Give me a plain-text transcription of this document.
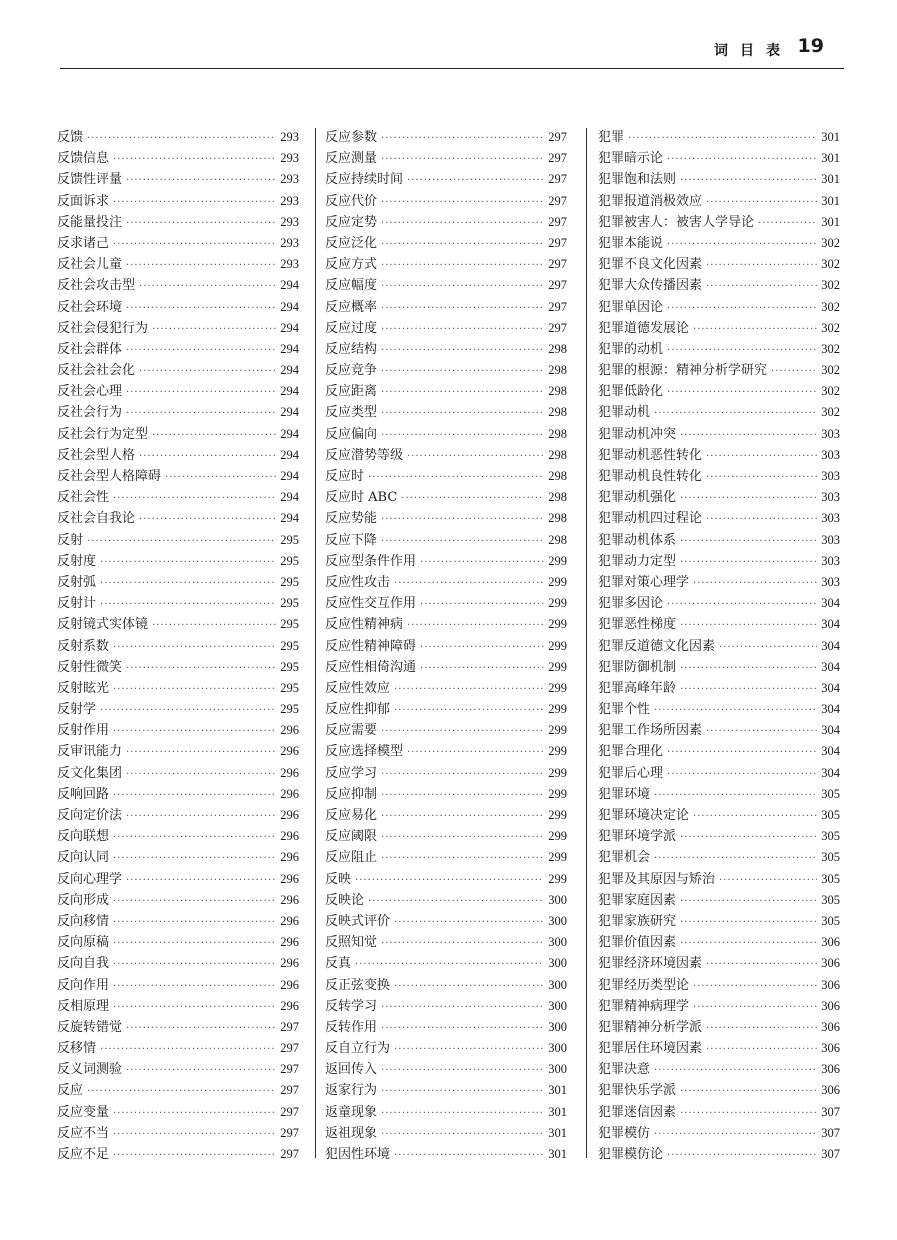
词目表 19
反馈 ·····	293
反馈信息 ·····	293
反馈性评量 ·····	293
反面诉求 ·····	293
反能量投注 ·····	293
反求诸己 ·····	293
反社会儿童 ·····	293
反社会攻击型 ·····	294
反社会环境 ·····	294
反社会侵犯行为 ·····	294
反社会群体 ·····	294
反社会社会化 ·····	294
反社会心理 ·····	294
反社会行为 ·····	294
反社会行为定型 ·····	294
反社会型人格 ·····	294
反社会型人格障碍 ·····	294
反社会性 ·····	294
反社会自我论 ·····	294
反射 ·····	295
反射度 ·····	295
反射弧 ·····	295
反射计 ·····	295
反射镜式实体镜 ·····	295
反射系数 ·····	295
反射性微笑 ·····	295
反射眩光 ·····	295
反射学 ·····	295
反射作用 ·····	296
反审讯能力 ·····	296
反文化集团 ·····	296
反响回路 ·····	296
反向定价法 ·····	296
反向联想 ·····	296
反向认同 ·····	296
反向心理学 ·····	296
反向形成 ·····	296
反向移情 ·····	296
反向原稿 ·····	296
反向自我 ·····	296
反向作用 ·····	296
反相原理 ·····	296
反旋转错觉 ·····	297
反移情 ·····	297
反义词测验 ·····	297
反应 ·····	297
反应变量 ·····	297
反应不当 ·····	297
反应不足 ·····	297
反应参数 ·····	297
反应测量 ·····	297
反应持续时间 ·····	297
反应代价 ·····	297
反应定势 ·····	297
反应泛化 ·····	297
反应方式 ·····	297
反应幅度 ·····	297
反应概率 ·····	297
反应过度 ·····	297
反应结构 ·····	298
反应竞争 ·····	298
反应距离 ·····	298
反应类型 ·····	298
反应偏向 ·····	298
反应潜势等级 ·····	298
反应时 ·····	298
反应时 ABC ·····	298
反应势能 ·····	298
反应下降 ·····	298
反应型条件作用 ·····	299
反应性攻击 ·····	299
反应性交互作用 ·····	299
反应性精神病 ·····	299
反应性精神障碍 ·····	299
反应性相倚沟通 ·····	299
反应性效应 ·····	299
反应性抑郁 ·····	299
反应需要 ·····	299
反应选择模型 ·····	299
反应学习 ·····	299
反应抑制 ·····	299
反应易化 ·····	299
反应阈限 ·····	299
反应阻止 ·····	299
反映 ·····	299
反映论 ·····	300
反映式评价 ·····	300
反照知觉 ·····	300
反真 ·····	300
反正弦变换 ·····	300
反转学习 ·····	300
反转作用 ·····	300
反自立行为 ·····	300
返回传入 ·····	300
返家行为 ·····	301
返童现象 ·····	301
返祖现象 ·····	301
犯因性环境 ·····	301
犯罪 ·····	301
犯罪暗示论 ·····	301
犯罪饱和法则 ·····	301
犯罪报道消极效应 ·····	301
犯罪被害人：被害人学导论 ·····	301
犯罪本能说 ·····	302
犯罪不良文化因素 ·····	302
犯罪大众传播因素 ·····	302
犯罪单因论 ·····	302
犯罪道德发展论 ·····	302
犯罪的动机 ·····	302
犯罪的根源：精神分析学研究 ·····	302
犯罪低龄化 ·····	302
犯罪动机 ·····	302
犯罪动机冲突 ·····	303
犯罪动机恶性转化 ·····	303
犯罪动机良性转化 ·····	303
犯罪动机强化 ·····	303
犯罪动机四过程论 ·····	303
犯罪动机体系 ·····	303
犯罪动力定型 ·····	303
犯罪对策心理学 ·····	303
犯罪多因论 ·····	304
犯罪恶性梯度 ·····	304
犯罪反道德文化因素 ·····	304
犯罪防御机制 ·····	304
犯罪高峰年龄 ·····	304
犯罪个性 ·····	304
犯罪工作场所因素 ·····	304
犯罪合理化 ·····	304
犯罪后心理 ·····	304
犯罪环境 ·····	305
犯罪环境决定论 ·····	305
犯罪环境学派 ·····	305
犯罪机会 ·····	305
犯罪及其原因与矫治 ·····	305
犯罪家庭因素 ·····	305
犯罪家族研究 ·····	305
犯罪价值因素 ·····	306
犯罪经济环境因素 ·····	306
犯罪经历类型论 ·····	306
犯罪精神病理学 ·····	306
犯罪精神分析学派 ·····	306
犯罪居住环境因素 ·····	306
犯罪决意 ·····	306
犯罪快乐学派 ·····	306
犯罪迷信因素 ·····	307
犯罪模仿 ·····	307
犯罪模仿论 ·····	307
